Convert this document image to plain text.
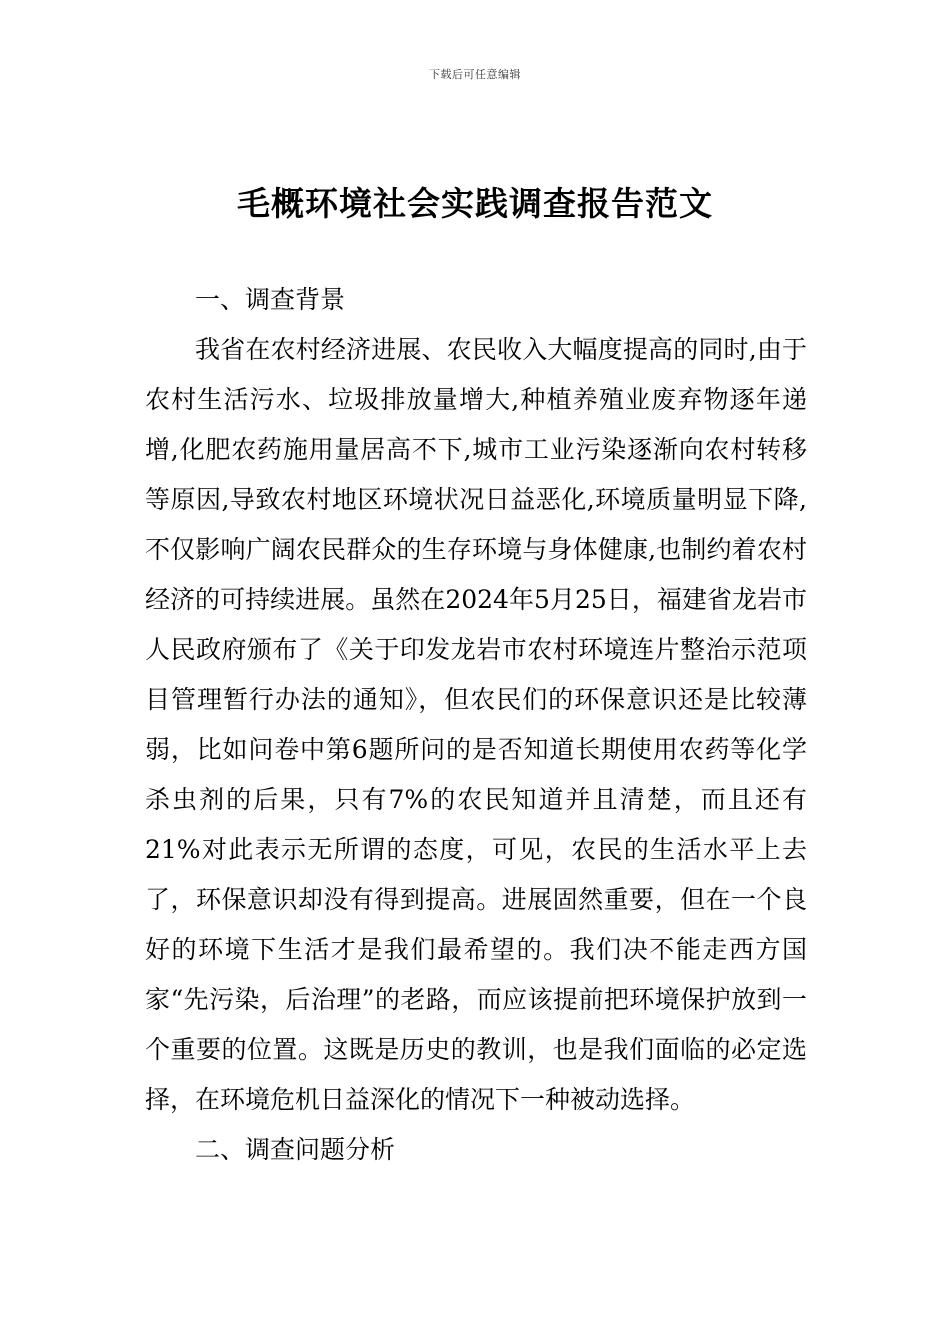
下载后可任意编辑
毛概环境社会实践调查报告范文
一、调查背景

我省在农村经济进展、农民收入大幅度提高的同时,由于农村生活污水、垃圾排放量增大,种植养殖业废弃物逐年递增,化肥农药施用量居高不下,城市工业污染逐渐向农村转移等原因,导致农村地区环境状况日益恶化,环境质量明显下降,不仅影响广阔农民群众的生存环境与身体健康,也制约着农村经济的可持续进展。虽然在2024年5月25日，福建省龙岩市人民政府颁布了《关于印发龙岩市农村环境连片整治示范项目管理暂行办法的通知》，但农民们的环保意识还是比较薄弱，比如问卷中第6题所问的是否知道长期使用农药等化学杀虫剂的后果，只有7%的农民知道并且清楚，而且还有21%对此表示无所谓的态度，可见，农民的生活水平上去了，环保意识却没有得到提高。进展固然重要，但在一个良好的环境下生活才是我们最希望的。我们决不能走西方国家“先污染，后治理”的老路，而应该提前把环境保护放到一个重要的位置。这既是历史的教训，也是我们面临的必定选择，在环境危机日益深化的情况下一种被动选择。

二、调查问题分析
